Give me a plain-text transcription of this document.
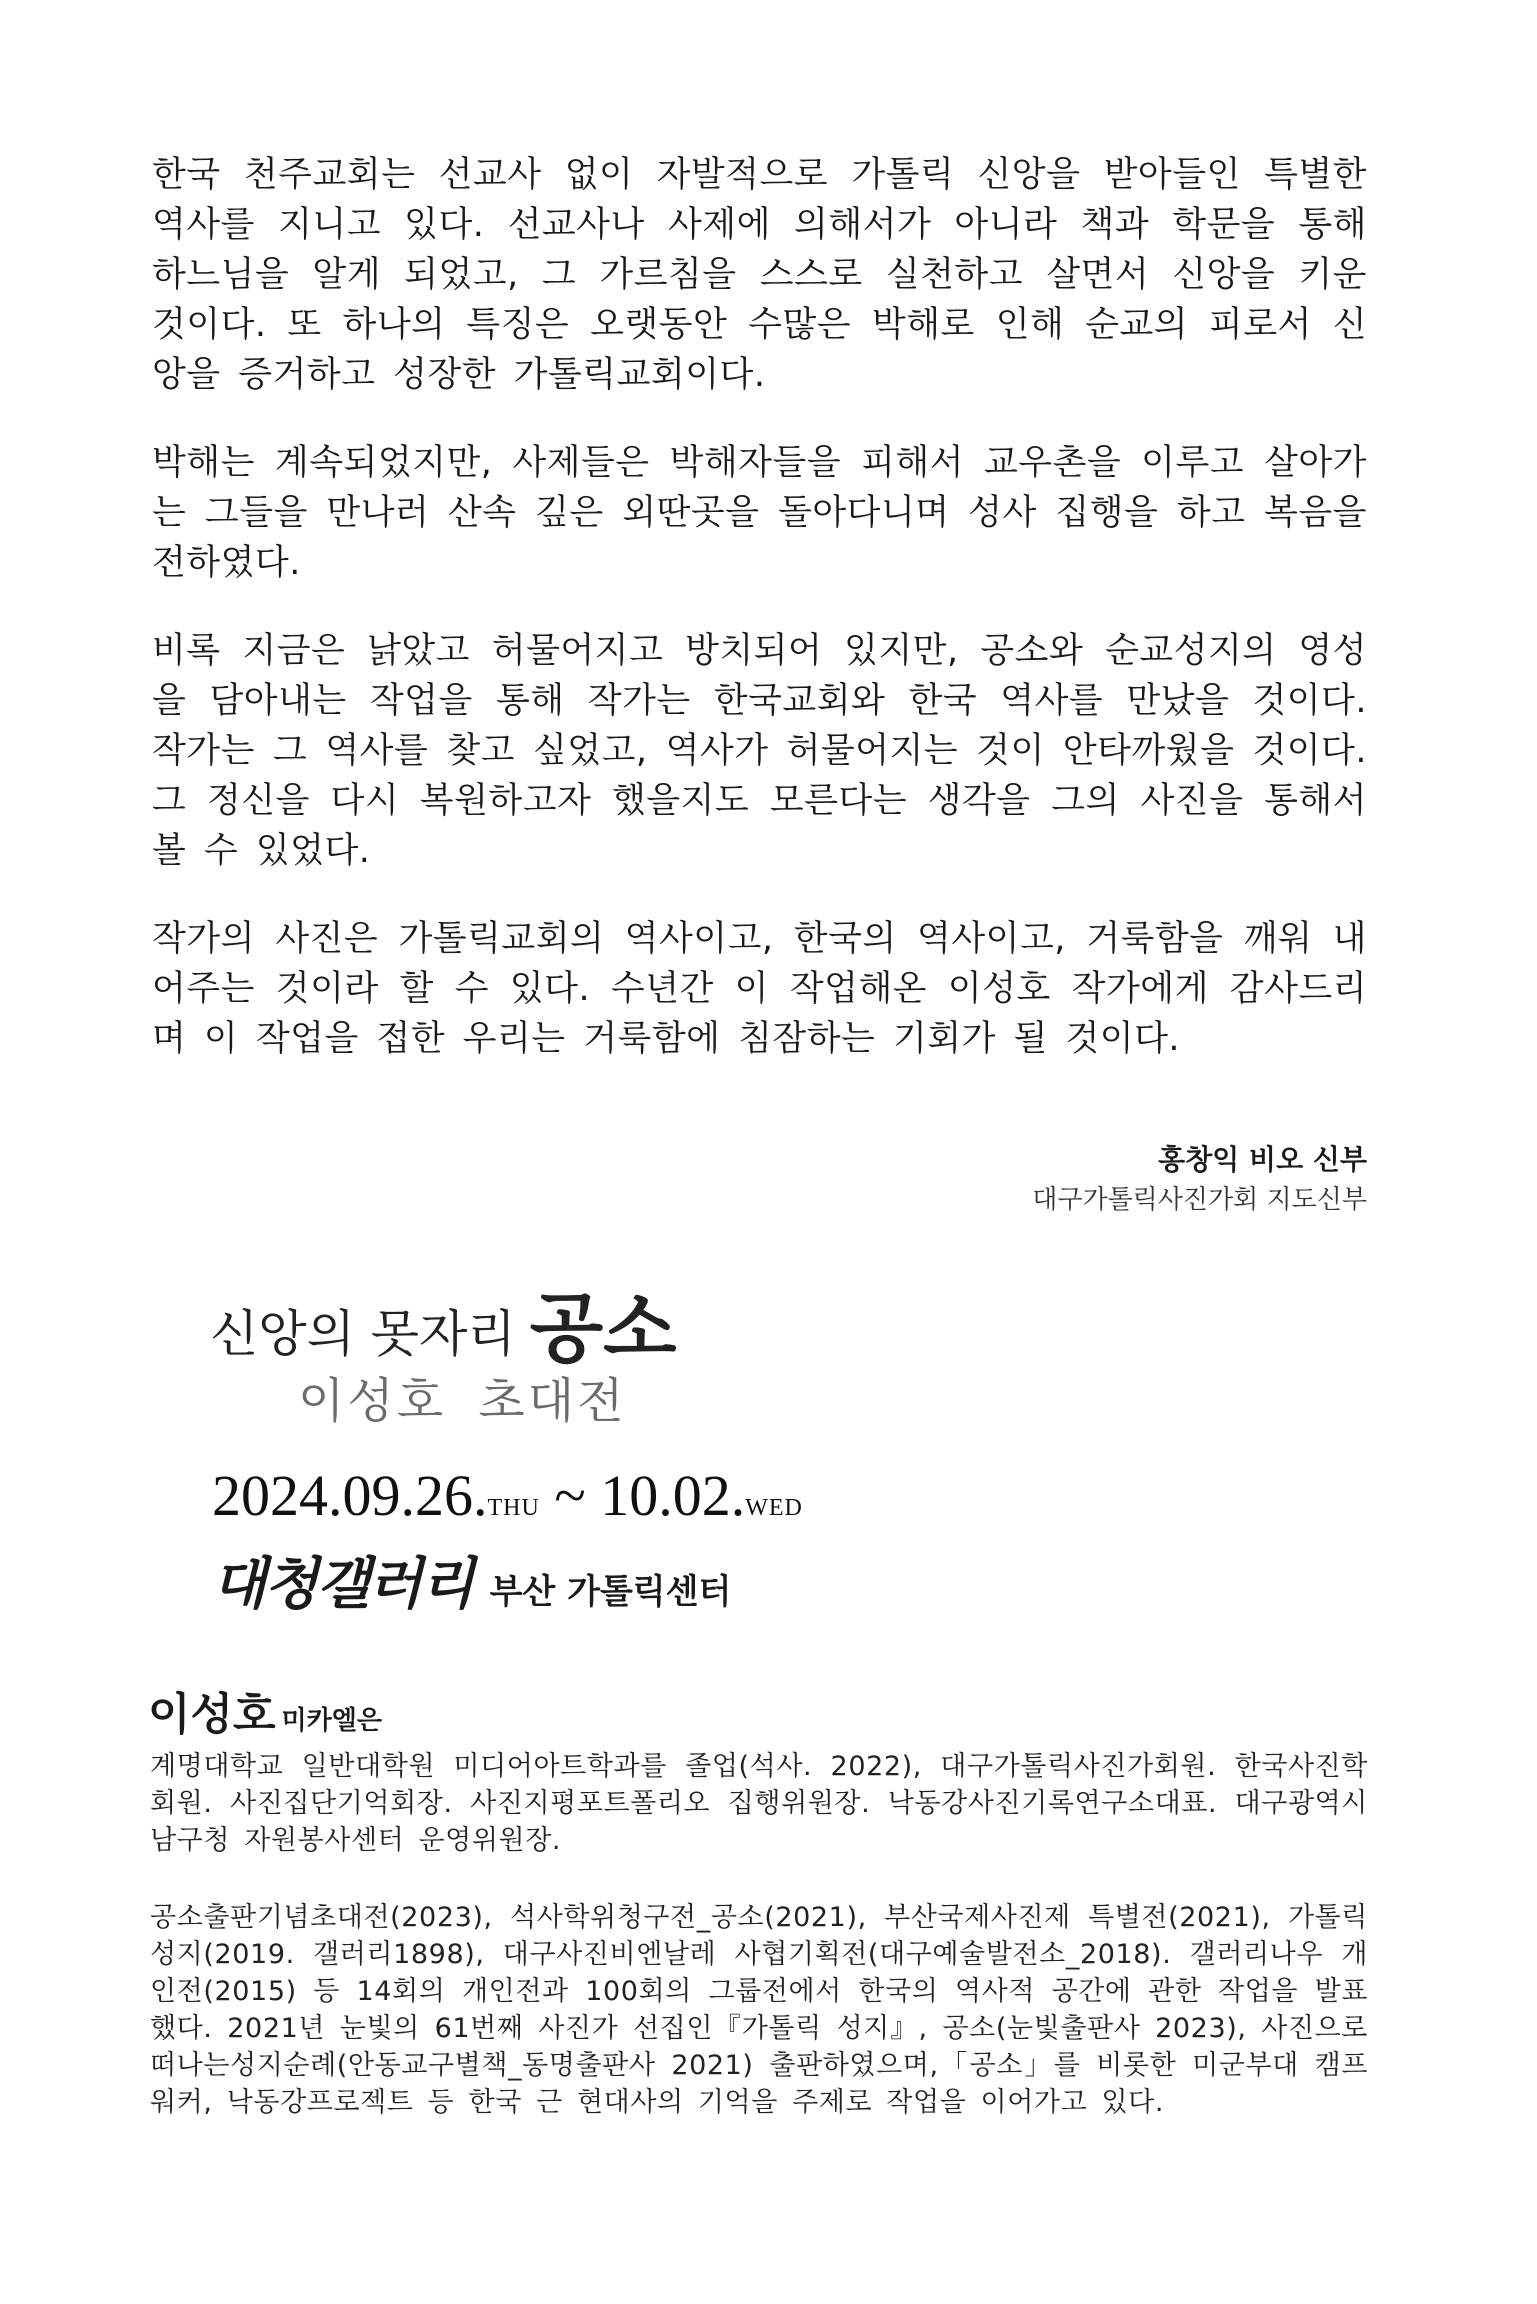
한국 천주교회는 선교사 없이 자발적으로 가톨릭 신앙을 받아들인 특별한 역사를 지니고 있다. 선교사나 사제에 의해서가 아니라 책과 학문을 통해 하느님을 알게 되었고, 그 가르침을 스스로 실천하고 살면서 신앙을 키운 것이다. 또 하나의 특징은 오랫동안 수많은 박해로 인해 순교의 피로서 신앙을 증거하고 성장한 가톨릭교회이다.

박해는 계속되었지만, 사제들은 박해자들을 피해서 교우촌을 이루고 살아가는 그들을 만나러 산속 깊은 외딴곳을 돌아다니며 성사 집행을 하고 복음을 전하였다.

비록 지금은 낡았고 허물어지고 방치되어 있지만, 공소와 순교성지의 영성을 담아내는 작업을 통해 작가는 한국교회와 한국 역사를 만났을 것이다. 작가는 그 역사를 찾고 싶었고, 역사가 허물어지는 것이 안타까웠을 것이다. 그 정신을 다시 복원하고자 했을지도 모른다는 생각을 그의 사진을 통해서 볼 수 있었다.

작가의 사진은 가톨릭교회의 역사이고, 한국의 역사이고, 거룩함을 깨워 내어주는 것이라 할 수 있다. 수년간 이 작업해온 이성호 작가에게 감사드리며 이 작업을 접한 우리는 거룩함에 침잠하는 기회가 될 것이다.

홍창익 비오 신부
대구가톨릭사진가회 지도신부
신앙의 못자리 공소
이성호 초대전
2024.09.26.THU ~ 10.02.WED
대청갤러리 부산 가톨릭센터
이성호 미카엘은

계명대학교 일반대학원 미디어아트학과를 졸업(석사. 2022), 대구가톨릭사진가회원. 한국사진학회원. 사진집단기억회장. 사진지평포트폴리오 집행위원장. 낙동강사진기록연구소대표. 대구광역시남구청 자원봉사센터 운영위원장.

공소출판기념초대전(2023), 석사학위청구전_공소(2021), 부산국제사진제 특별전(2021), 가톨릭성지(2019. 갤러리1898), 대구사진비엔날레 사협기획전(대구예술발전소_2018). 갤러리나우 개인전(2015) 등 14회의 개인전과 100회의 그룹전에서 한국의 역사적 공간에 관한 작업을 발표했다. 2021년 눈빛의 61번째 사진가 선집인『가톨릭 성지』, 공소(눈빛출판사 2023), 사진으로떠나는성지순례(안동교구별책_동명출판사 2021) 출판하였으며,「공소」를 비롯한 미군부대 캠프워커, 낙동강프로젝트 등 한국 근 현대사의 기억을 주제로 작업을 이어가고 있다.
